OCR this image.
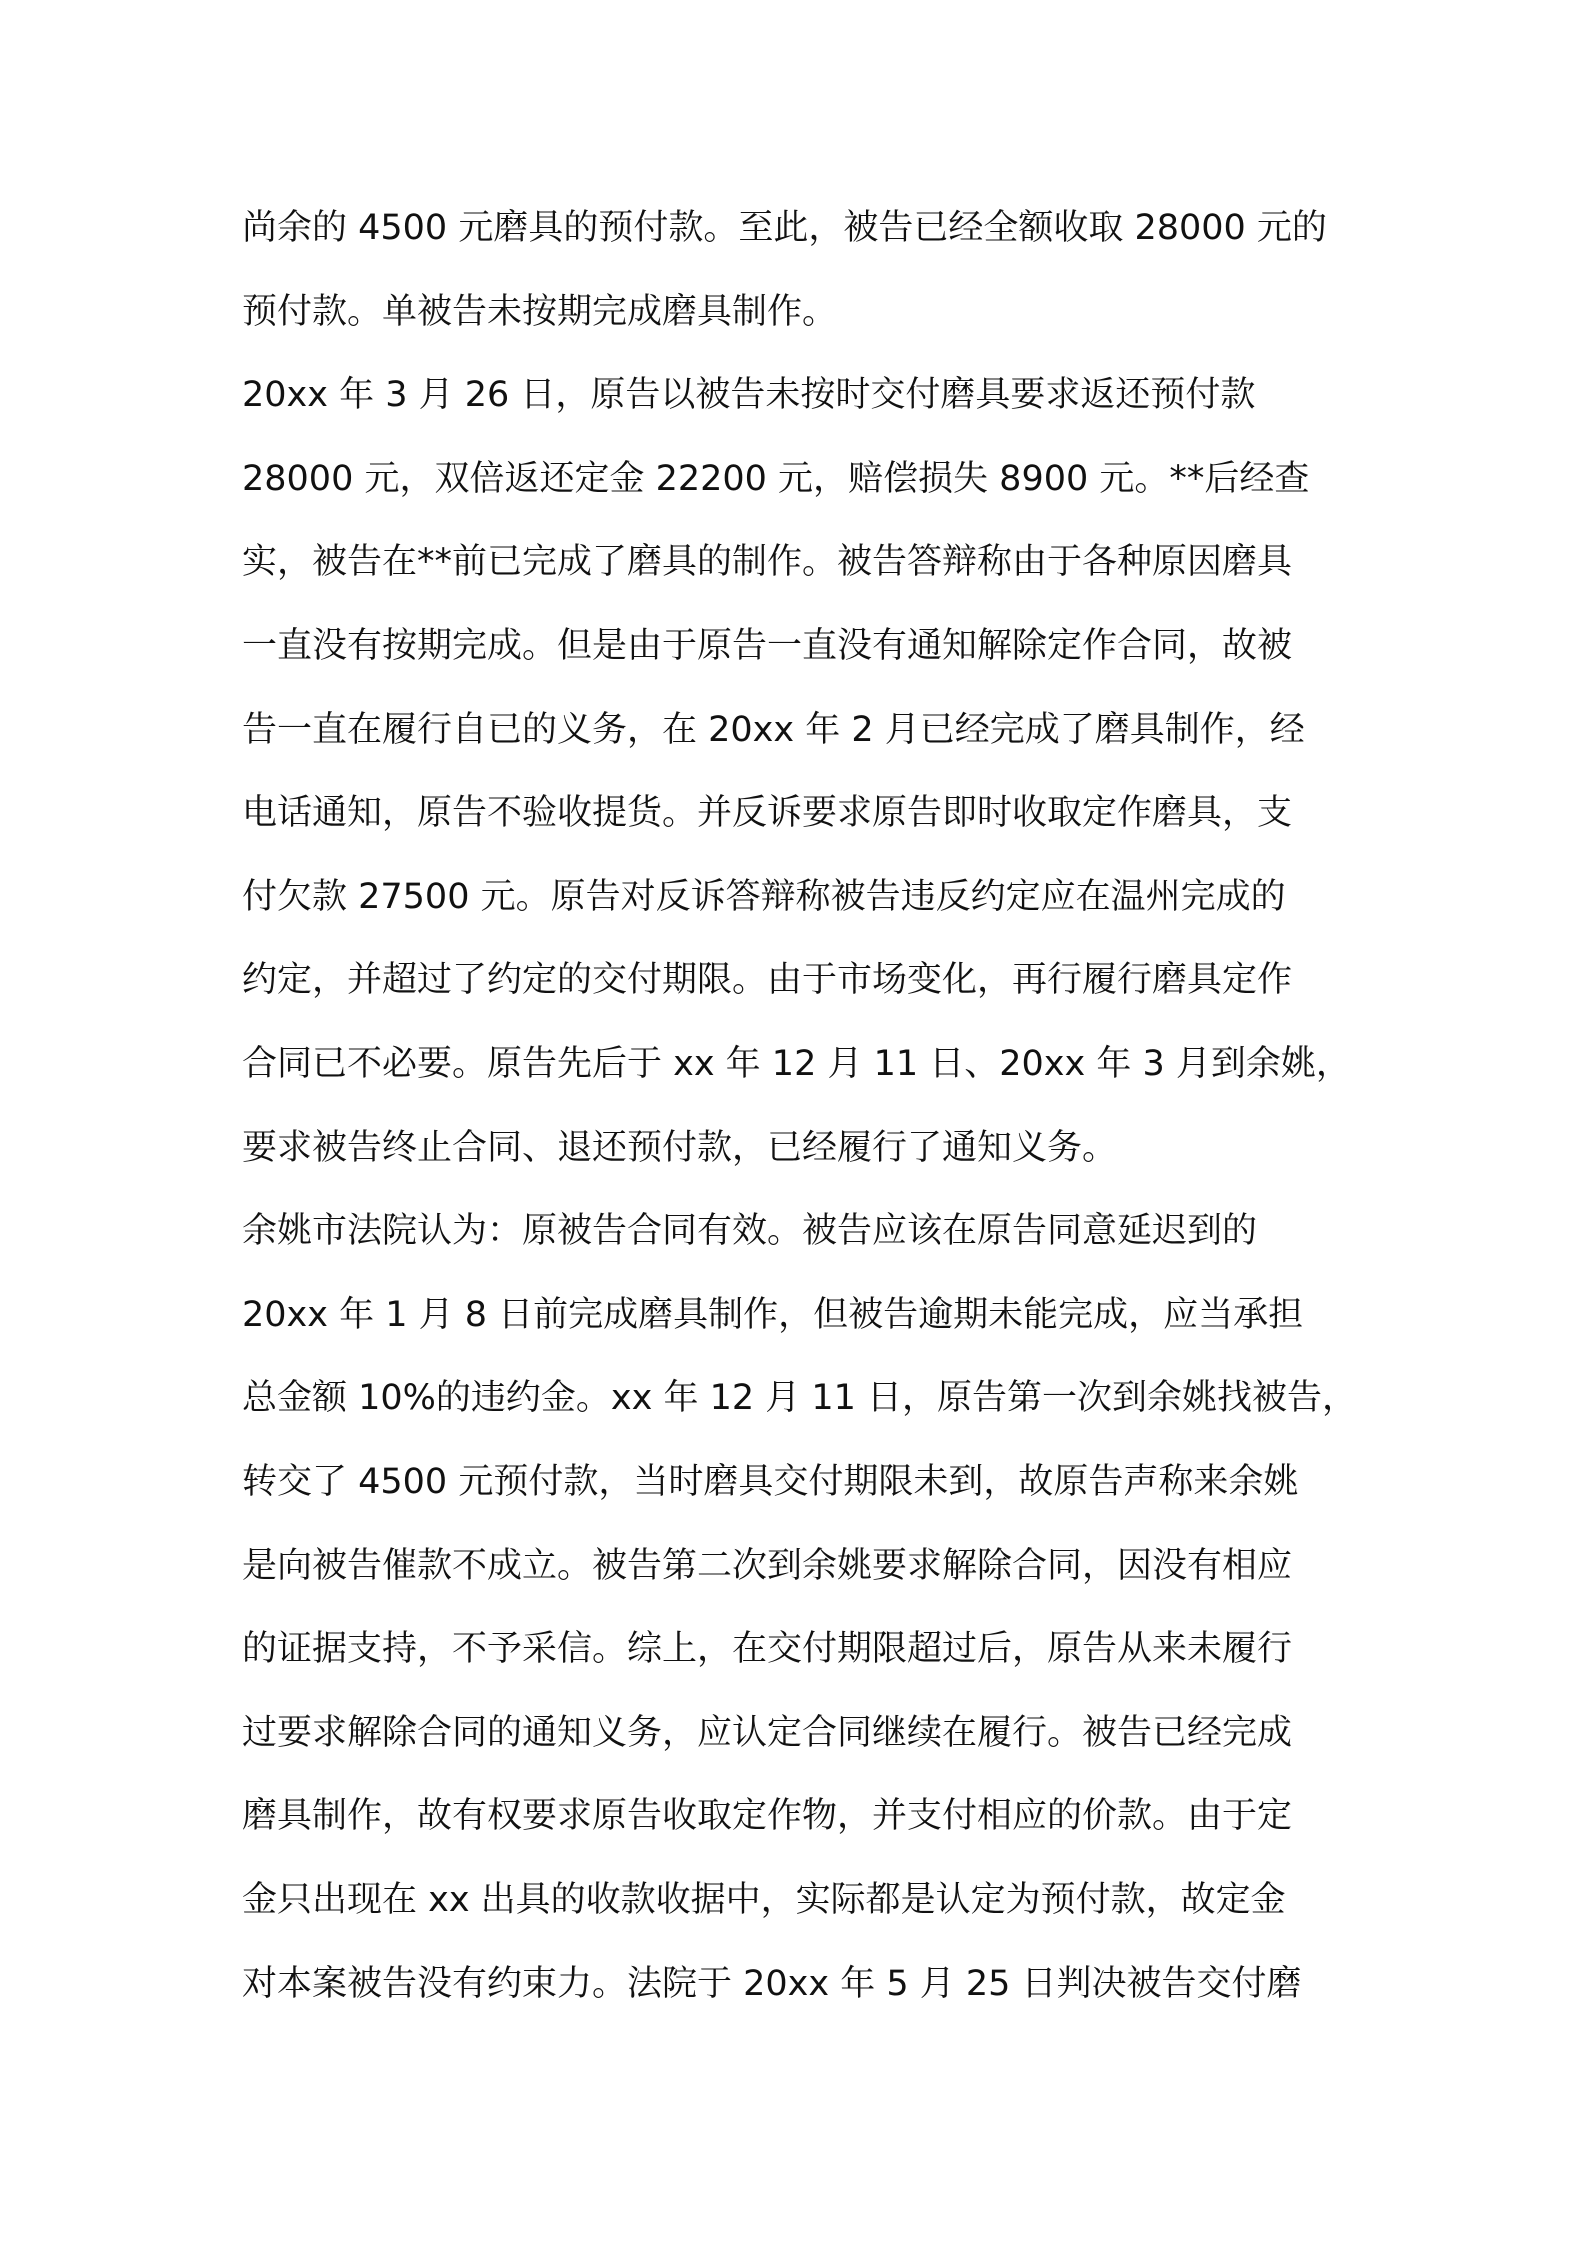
尚余的 4500 元磨具的预付款。至此，被告已经全额收取 28000 元的

预付款。单被告未按期完成磨具制作。

20xx 年 3 月 26 日，原告以被告未按时交付磨具要求返还预付款

28000 元，双倍返还定金 22200 元，赔偿损失 8900 元。**后经查

实，被告在**前已完成了磨具的制作。被告答辩称由于各种原因磨具

一直没有按期完成。但是由于原告一直没有通知解除定作合同，故被

告一直在履行自已的义务，在 20xx 年 2 月已经完成了磨具制作，经

电话通知，原告不验收提货。并反诉要求原告即时收取定作磨具，支

付欠款 27500 元。原告对反诉答辩称被告违反约定应在温州完成的

约定，并超过了约定的交付期限。由于市场变化，再行履行磨具定作

合同已不必要。原告先后于 xx 年 12 月 11 日、20xx 年 3 月到余姚，

要求被告终止合同、退还预付款，已经履行了通知义务。

余姚市法院认为：原被告合同有效。被告应该在原告同意延迟到的

20xx 年 1 月 8 日前完成磨具制作，但被告逾期未能完成，应当承担

总金额 10%的违约金。xx 年 12 月 11 日，原告第一次到余姚找被告，

转交了 4500 元预付款，当时磨具交付期限未到，故原告声称来余姚

是向被告催款不成立。被告第二次到余姚要求解除合同，因没有相应

的证据支持，不予采信。综上，在交付期限超过后，原告从来未履行

过要求解除合同的通知义务，应认定合同继续在履行。被告已经完成

磨具制作，故有权要求原告收取定作物，并支付相应的价款。由于定

金只出现在 xx 出具的收款收据中，实际都是认定为预付款，故定金

对本案被告没有约束力。法院于 20xx 年 5 月 25 日判决被告交付磨
